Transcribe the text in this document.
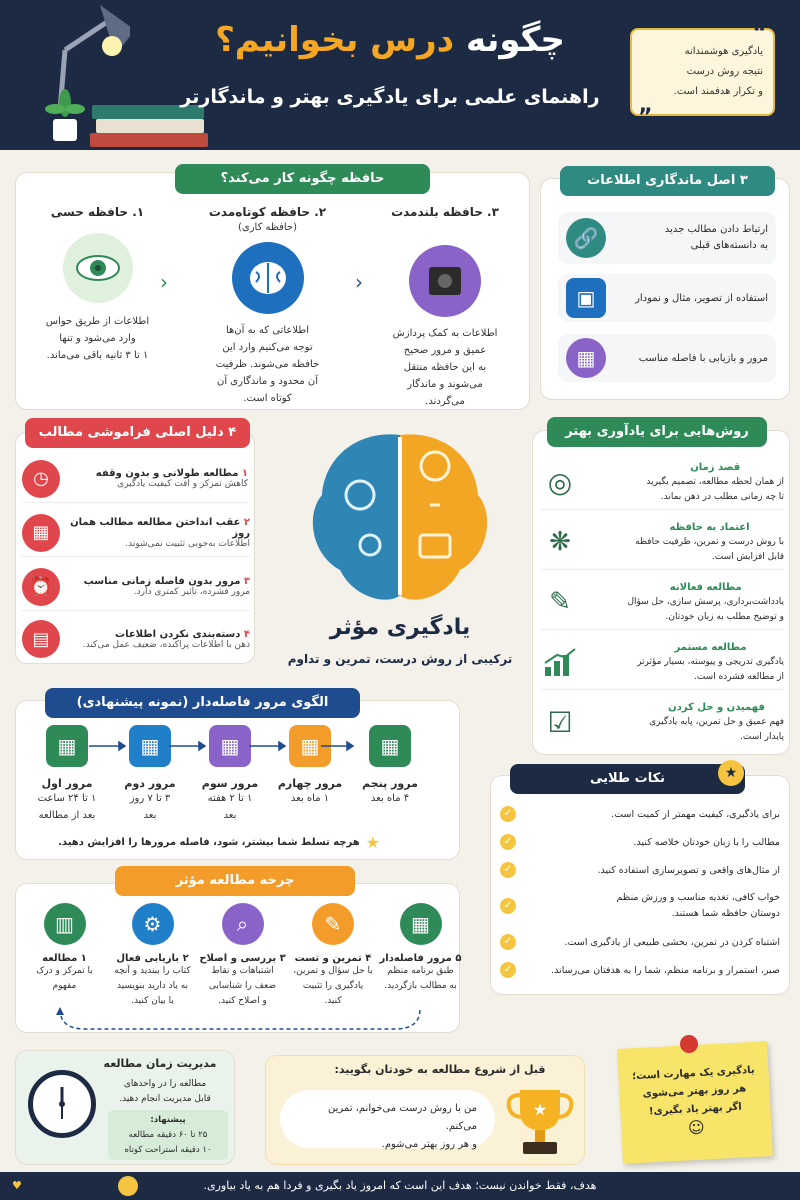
چگونه درس بخوانیم؟
راهنمای علمی برای یادگیری بهتر و ماندگارتر
“
یادگیری هوشمندانه
نتیجه روش درست
و تکرار هدفمند است.
”
حافظه چگونه کار می‌کند؟
۳. حافظه بلندمدت
اطلاعات به کمک پردازش
عمیق و مرور صحیح
به این حافظه منتقل
می‌شوند و ماندگار
می‌گردند.
‹
۲. حافظه کوتاه‌مدت
(حافظه کاری)
اطلاعاتی که به آن‌ها
توجه می‌کنیم وارد این
حافظه می‌شوند. ظرفیت
آن محدود و ماندگاری آن
کوتاه است.
‹
۱. حافظه حسی
اطلاعات از طریق حواس
وارد می‌شود و تنها
۱ تا ۳ ثانیه باقی می‌ماند.
۳ اصل ماندگاری اطلاعات
ارتباط دادن مطالب جدید
به دانسته‌های قبلی
🔗
استفاده از تصویر، مثال و نمودار
▣
مرور و بازیابی با فاصله مناسب
▦
۴ دلیل اصلی فراموشی مطالب
۱ مطالعه طولانی و بدون وقفه
کاهش تمرکز و افت کیفیت یادگیری
◷
۲ عقب انداختن مطالعه مطالب همان روز
اطلاعات به‌خوبی تثبیت نمی‌شوند.
▦
۳ مرور بدون فاصله زمانی مناسب
مرور فشرده، تاثیر کمتری دارد.
⏰
۴ دسته‌بندی نکردن اطلاعات
ذهن با اطلاعات پراکنده، ضعیف عمل می‌کند.
▤	یادگیری مؤثر
ترکیبی از روش درست، تمرین و تداوم
روش‌هایی برای یادآوری بهتر
قصد زمان
از همان لحظه مطالعه، تصمیم بگیرید
تا چه زمانی مطلب در ذهن بماند.
◎
اعتماد به حافظه
با روش درست و تمرین، ظرفیت حافظه
قابل افزایش است.
❋
مطالعه فعالانه
یادداشت‌برداری، پرسش سازی، حل سؤال
و توضیح مطلب به زبان خودتان.
✎
مطالعه مستمر
یادگیری تدریجی و پیوسته، بسیار مؤثرتر
از مطالعه فشرده است.
فهمیدن و حل کردن
فهم عمیق و حل تمرین، پایه یادگیری
پایدار است.
☑
الگوی مرور فاصله‌دار (نمونه پیشنهادی)
▦
مرور پنجم
۴ ماه بعد
▦
مرور چهارم
۱ ماه بعد
▦
مرور سوم
۱ تا ۲ هفته
بعد
▦
مرور دوم
۳ تا ۷ روز
بعد
▦
مرور اول
۱ تا ۲۴ ساعت
بعد از مطالعه
★
هرچه تسلط شما بیشتر، شود، فاصله مرورها را افزایش دهید.
نکات طلایی	★
برای یادگیری، کیفیت مهمتر از کمیت است.
✓
مطالب را با زبان خودتان خلاصه کنید.
✓
از مثال‌های واقعی و تصویرسازی استفاده کنید.
✓
خواب کافی، تغذیه مناسب و ورزش منظم
دوستان حافظه شما هستند.
✓
اشتباه کردن در تمرین، بخشی طبیعی از یادگیری است.
✓
صبر، استمرار و برنامه منظم، شما را به هدفتان می‌رساند.
✓
چرخه مطالعه مؤثر
▦
۵ مرور فاصله‌دار
طبق برنامه منظم
به مطالب بازگردید.
✎
۴ تمرین و تست
با حل سؤال و تمرین،
یادگیری را تثبیت
کنید.
⌕
۳ بررسی و اصلاح
اشتباهات و نقاط
ضعف را شناسایی
و اصلاح کنید.
⚙
۲ بازیابی فعال
کتاب را ببندید و آنچه
به یاد دارید بنویسید
یا بیان کنید.
▥
۱ مطالعه
با تمرکز و درک
مفهوم
مدیریت زمان مطالعه
مطالعه را در واحدهای
قابل مدیریت انجام دهید.
پیشنهاد:
۲۵ تا ۶۰ دقیقه مطالعه
۱۰ دقیقه استراحت کوتاه
قبل از شروع مطالعه به خودتان بگویید:
من با روش درست می‌خوانم، تمرین می‌کنم.
و هر روز بهتر می‌شوم.
★
یادگیری یک مهارت است؛
هر روز بهتر می‌شوی
اگر بهتر یاد بگیری!
☺
♥	هدف، فقط خواندن نیست؛ هدف این است که امروز یاد بگیری و فردا هم به یاد بیاوری.
